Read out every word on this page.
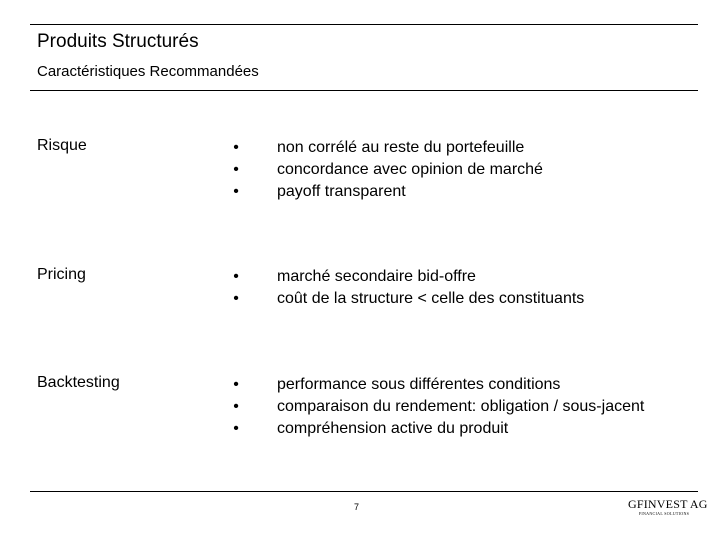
Produits Structurés
Caractéristiques Recommandées
Risque	• non corrélé au reste du portefeuille
• concordance avec opinion de marché
• payoff transparent
Pricing	• marché secondaire bid-offre
• coût de la structure < celle des constituants
Backtesting	• performance sous différentes conditions
• comparaison du rendement: obligation / sous-jacent
• compréhension active du produit
7	GFINVEST AG
FINANCIAL SOLUTIONS
